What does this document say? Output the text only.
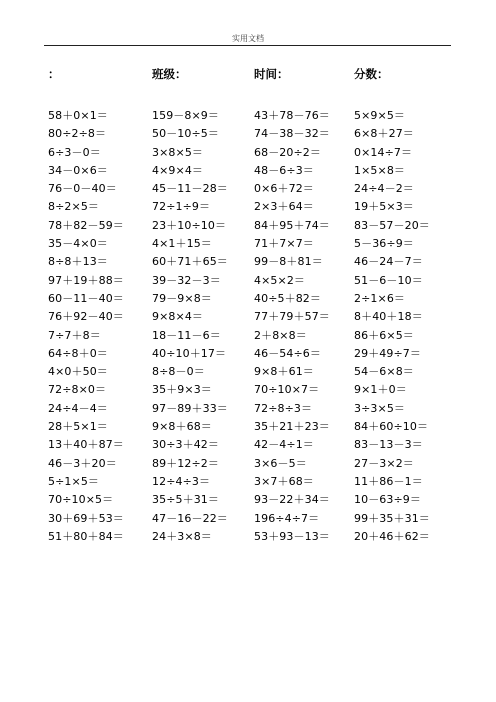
实用文档
：	班级：	时间：	分数：
58＋0×1＝	159－8×9＝	43＋78－76＝ 5×9×5＝
80÷2÷8＝	50－10÷5＝	74－38－32＝ 6×8＋27＝
6÷3－0＝	3×8×5＝	68－20÷2＝	0×14÷7＝
34－0×6＝	4×9×4＝	48－6÷3＝	1×5×8＝
76－0－40＝	45－11－28＝ 0×6＋72＝	24÷4－2＝
8÷2×5＝	72÷1÷9＝	2×3＋64＝	19＋5×3＝
78＋82－59＝	23＋10÷10＝	84＋95＋74＝ 83－57－20＝
35－4×0＝	4×1＋15＝	71＋7×7＝	5－36÷9＝
8÷8＋13＝	60＋71＋65＝ 99－8＋81＝	46－24－7＝
97＋19＋88＝	39－32－3＝	4×5×2＝	51－6－10＝
60－11－40＝	79－9×8＝	40÷5＋82＝	2÷1×6＝
76＋92－40＝	9×8×4＝	77＋79＋57＝ 8＋40＋18＝
7÷7＋8＝	18－11－6＝	2＋8×8＝	86＋6×5＝
64÷8＋0＝	40÷10＋17＝	46－54÷6＝	29＋49÷7＝
4×0＋50＝	8÷8－0＝	9×8＋61＝	54－6×8＝
72÷8×0＝	35＋9×3＝	70÷10×7＝	9×1＋0＝
24÷4－4＝	97－89＋33＝ 72÷8÷3＝	3÷3×5＝
28＋5×1＝	9×8＋68＝	35＋21＋23＝ 84＋60÷10＝
13＋40＋87＝	30÷3＋42＝	42－4÷1＝	83－13－3＝
46－3＋20＝	89＋12÷2＝	3×6－5＝	27－3×2＝
5÷1×5＝	12÷4÷3＝	3×7＋68＝	11＋86－1＝
70÷10×5＝	35÷5＋31＝	93－22＋34＝ 10－63÷9＝
30＋69＋53＝	47－16－22＝ 196÷4÷7＝	99＋35＋31＝
51＋80＋84＝	24＋3×8＝	53＋93－13＝ 20＋46＋62＝
